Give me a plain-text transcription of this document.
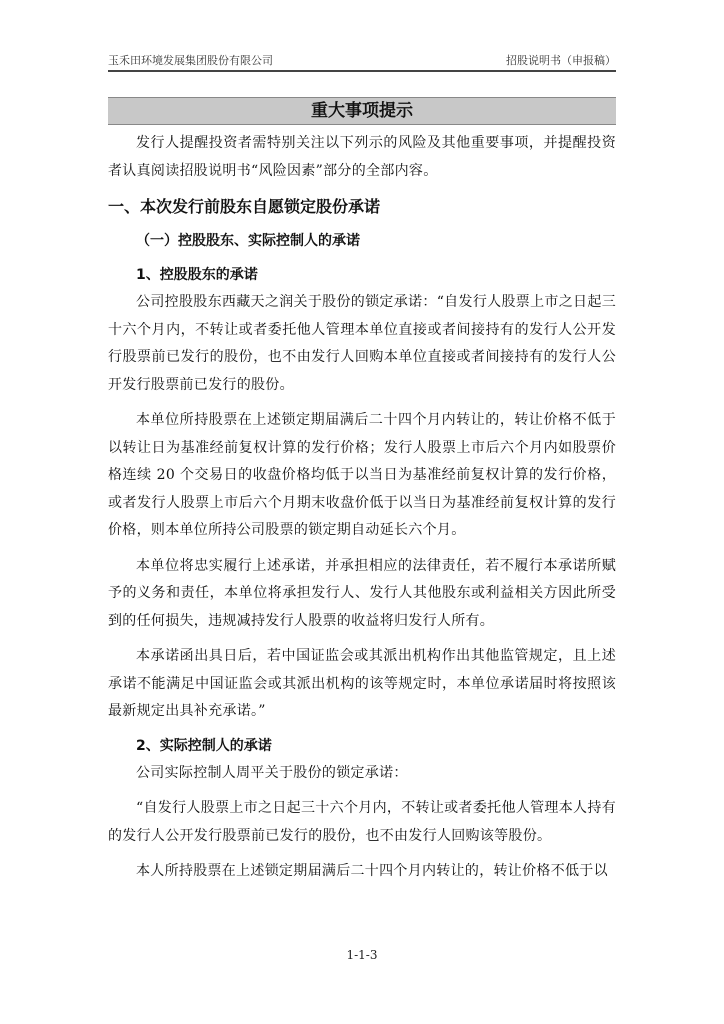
玉禾田环境发展集团股份有限公司	招股说明书（申报稿）
重大事项提示

发行人提醒投资者需特别关注以下列示的风险及其他重要事项，并提醒投资者认真阅读招股说明书“风险因素”部分的全部内容。

一、本次发行前股东自愿锁定股份承诺
（一）控股股东、实际控制人的承诺
1、控股股东的承诺

公司控股股东西藏天之润关于股份的锁定承诺：“自发行人股票上市之日起三十六个月内，不转让或者委托他人管理本单位直接或者间接持有的发行人公开发行股票前已发行的股份，也不由发行人回购本单位直接或者间接持有的发行人公开发行股票前已发行的股份。

本单位所持股票在上述锁定期届满后二十四个月内转让的，转让价格不低于以转让日为基准经前复权计算的发行价格；发行人股票上市后六个月内如股票价格连续 20 个交易日的收盘价格均低于以当日为基准经前复权计算的发行价格，或者发行人股票上市后六个月期末收盘价低于以当日为基准经前复权计算的发行价格，则本单位所持公司股票的锁定期自动延长六个月。

本单位将忠实履行上述承诺，并承担相应的法律责任，若不履行本承诺所赋予的义务和责任，本单位将承担发行人、发行人其他股东或利益相关方因此所受到的任何损失，违规减持发行人股票的收益将归发行人所有。

本承诺函出具日后，若中国证监会或其派出机构作出其他监管规定，且上述承诺不能满足中国证监会或其派出机构的该等规定时，本单位承诺届时将按照该最新规定出具补充承诺。”

2、实际控制人的承诺

公司实际控制人周平关于股份的锁定承诺：

“自发行人股票上市之日起三十六个月内，不转让或者委托他人管理本人持有的发行人公开发行股票前已发行的股份，也不由发行人回购该等股份。

本人所持股票在上述锁定期届满后二十四个月内转让的，转让价格不低于以

1-1-3
